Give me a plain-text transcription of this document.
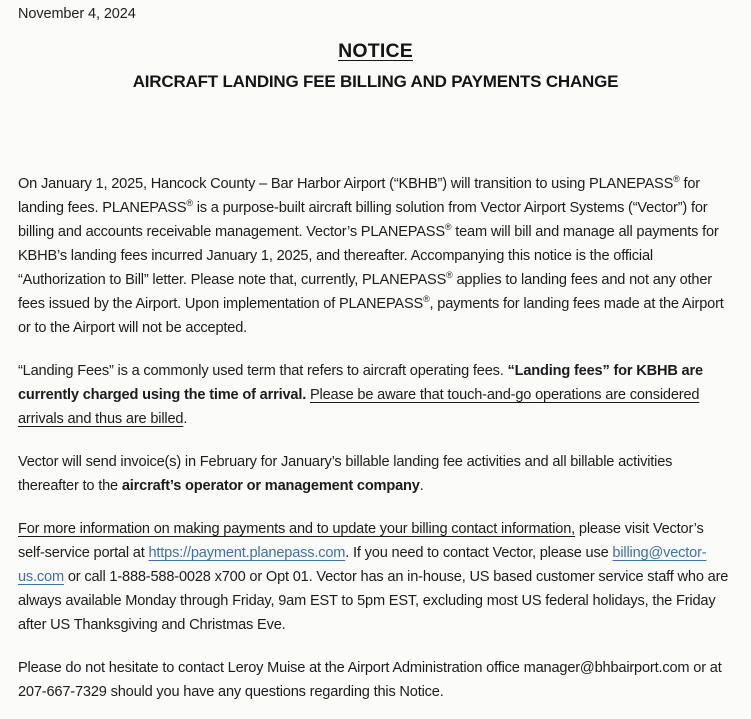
November 4, 2024
NOTICE
AIRCRAFT LANDING FEE BILLING AND PAYMENTS CHANGE

On January 1, 2025, Hancock County – Bar Harbor Airport (“KBHB”) will transition to using PLANEPASS® for landing fees. PLANEPASS® is a purpose-built aircraft billing solution from Vector Airport Systems (“Vector”) for billing and accounts receivable management. Vector’s PLANEPASS® team will bill and manage all payments for KBHB’s landing fees incurred January 1, 2025, and thereafter. Accompanying this notice is the official “Authorization to Bill” letter. Please note that, currently, PLANEPASS® applies to landing fees and not any other fees issued by the Airport. Upon implementation of PLANEPASS®, payments for landing fees made at the Airport or to the Airport will not be accepted.

“Landing Fees” is a commonly used term that refers to aircraft operating fees. “Landing fees” for KBHB are currently charged using the time of arrival. Please be aware that touch-and-go operations are considered arrivals and thus are billed.

Vector will send invoice(s) in February for January’s billable landing fee activities and all billable activities thereafter to the aircraft’s operator or management company.

For more information on making payments and to update your billing contact information, please visit Vector’s self-service portal at https://payment.planepass.com. If you need to contact Vector, please use billing@vector-us.com or call 1-888-588-0028 x700 or Opt 01. Vector has an in-house, US based customer service staff who are always available Monday through Friday, 9am EST to 5pm EST, excluding most US federal holidays, the Friday after US Thanksgiving and Christmas Eve.

Please do not hesitate to contact Leroy Muise at the Airport Administration office manager@bhbairport.com or at 207-667-7329 should you have any questions regarding this Notice.
